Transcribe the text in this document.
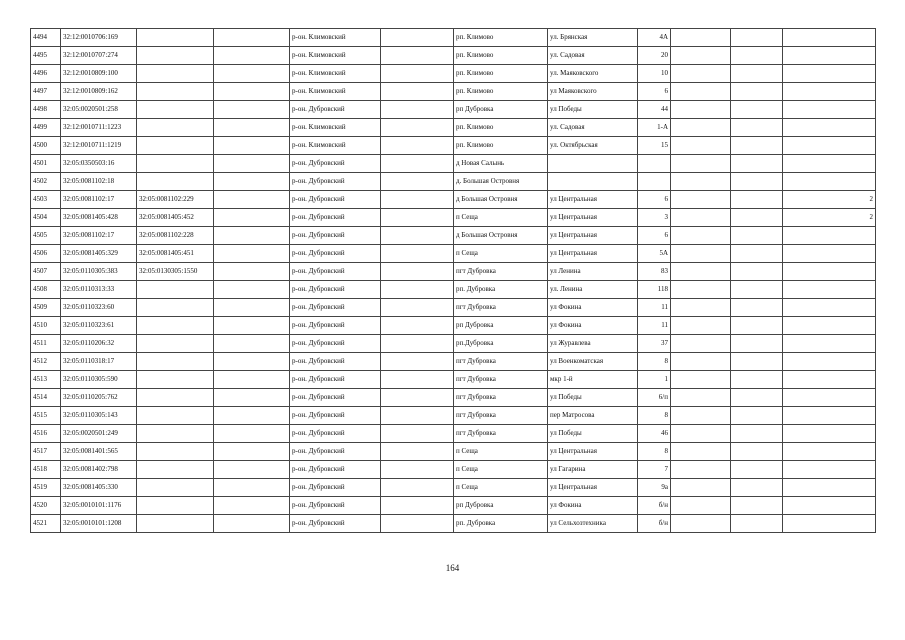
4494	32:12:0010706:169			р-он. Климовский		рп. Климово	ул. Брянская	4А			
4495	32:12:0010707:274			р-он. Климовский		рп. Климово	ул. Садовая	20			
4496	32:12:0010809:100			р-он. Климовский		рп. Климово	ул. Маяковского	10			
4497	32:12:0010809:162			р-он. Климовский		рп. Климово	ул Маяковского	6			
4498	32:05:0020501:258			р-он. Дубровский		рп Дубровка	ул Победы	44			
4499	32:12:0010711:1223			р-он. Климовский		рп. Климово	ул. Садовая	1-А			
4500	32:12:0010711:1219			р-он. Климовский		рп. Климово	ул. Октябрьская	15			
4501	32:05:0350503:16			р-он. Дубровский		д Новая Салынь					
4502	32:05:0081102:18			р-он. Дубровский		д. Большая Островня					
4503	32:05:0081102:17	32:05:0081102:229		р-он. Дубровский		д Большая Островня	ул Центральная	6			2
4504	32:05:0081405:428	32:05:0081405:452		р-он. Дубровский		п Сеща	ул Центральная	3			2
4505	32:05:0081102:17	32:05:0081102:228		р-он. Дубровский		д Большая Островня	ул Центральная	6			
4506	32:05:0081405:329	32:05:0081405:451		р-он. Дубровский		п Сеща	ул Центральная	5А			
4507	32:05:0110305:383	32:05:0130305:1550		р-он. Дубровский		пгт Дубровка	ул Ленина	83			
4508	32:05:0110313:33			р-он. Дубровский		рп. Дубровка	ул. Ленина	118			
4509	32:05:0110323:60			р-он. Дубровский		пгт Дубровка	ул Фокина	11			
4510	32:05:0110323:61			р-он. Дубровский		рп Дубровка	ул Фокина	11			
4511	32:05:0110206:32			р-он. Дубровский		рп.Дубровка	ул Журавлева	37			
4512	32:05:0110318:17			р-он. Дубровский		пгт Дубровка	ул Военкоматская	8			
4513	32:05:0110305:590			р-он. Дубровский		пгт Дубровка	мкр 1-й	1			
4514	32:05:0110205:762			р-он. Дубровский		пгт Дубровка	ул Победы	6/п			
4515	32:05:0110305:143			р-он. Дубровский		пгт Дубровка	пер Матросова	8			
4516	32:05:0020501:249			р-он. Дубровский		пгт Дубровка	ул Победы	46			
4517	32:05:0081401:565			р-он. Дубровский		п Сеща	ул Центральная	8			
4518	32:05:0081402:798			р-он. Дубровский		п Сеща	ул Гагарина	7			
4519	32:05:0081405:330			р-он. Дубровский		п Сеща	ул Центральная	9а			
4520	32:05:0010101:1176			р-он. Дубровский		рп Дубровка	ул Фокина	б/н			
4521	32:05:0010101:1208			р-он. Дубровский		рп. Дубровка	ул Сельхозтехника	б/н			
164
